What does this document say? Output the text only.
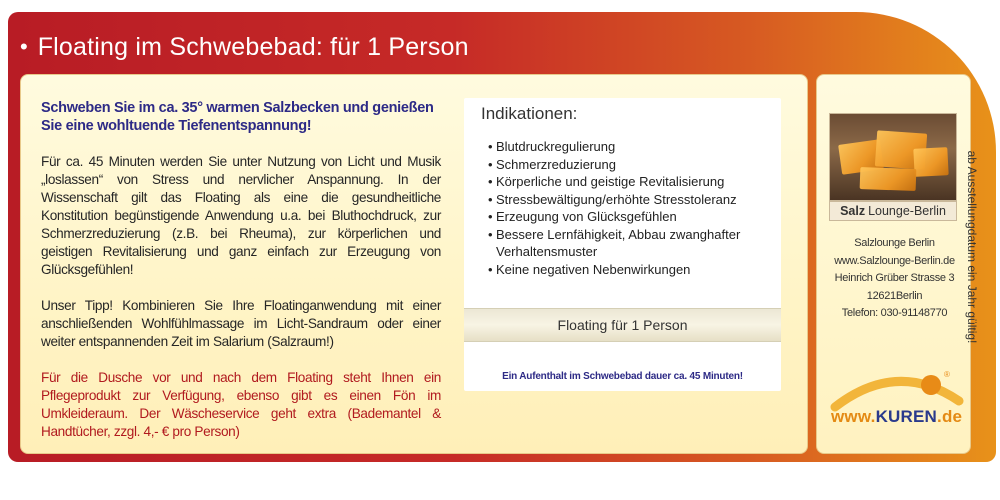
• Floating im Schwebebad: für 1 Person

Schweben Sie im ca. 35° warmen Salzbecken und genießen Sie eine wohltuende Tiefenentspannung!

Für ca. 45 Minuten werden Sie unter Nutzung von Licht und Musik „loslassen“ von Stress und nervlicher Anspannung. In der Wissenschaft gilt das Floating als eine die gesundheitliche Konstitution begünstigende Anwendung u.a. bei Bluthochdruck, zur Schmerzreduzierung (z.B. bei Rheuma), zur körperlichen und geistigen Revitalisierung und ganz einfach zur Erzeugung von Glücksgefühlen!

Unser Tipp! Kombinieren Sie Ihre Floatinganwendung mit einer anschließenden Wohlfühlmassage im Licht-Sandraum oder einer weiter entspannenden Zeit im Salarium (Salzraum!)

Für die Dusche vor und nach dem Floating steht Ihnen ein Pflegeprodukt zur Verfügung, ebenso gibt es einen Fön im Umkleideraum. Der Wäscheservice geht extra (Bademantel & Handtücher, zzgl. 4,- € pro Person)

Indikationen:
• Blutdruckregulierung
• Schmerzreduzierung
• Körperliche und geistige Revitalisierung
• Stressbewältigung/erhöhte Stresstoleranz
• Erzeugung von Glücksgefühlen
• Bessere Lernfähigkeit, Abbau zwanghafter Verhaltensmuster
• Keine negativen Nebenwirkungen
Floating für 1 Person
Ein Aufenthalt im Schwebebad dauer ca. 45 Minuten!
Salz Lounge-Berlin
Salzlounge Berlin
www.Salzlounge-Berlin.de
Heinrich Grüber Strasse 3
12621Berlin
Telefon: 030-91148770
®
www.KUREN.de
ab Ausstellungdatum ein Jahr gültig!
